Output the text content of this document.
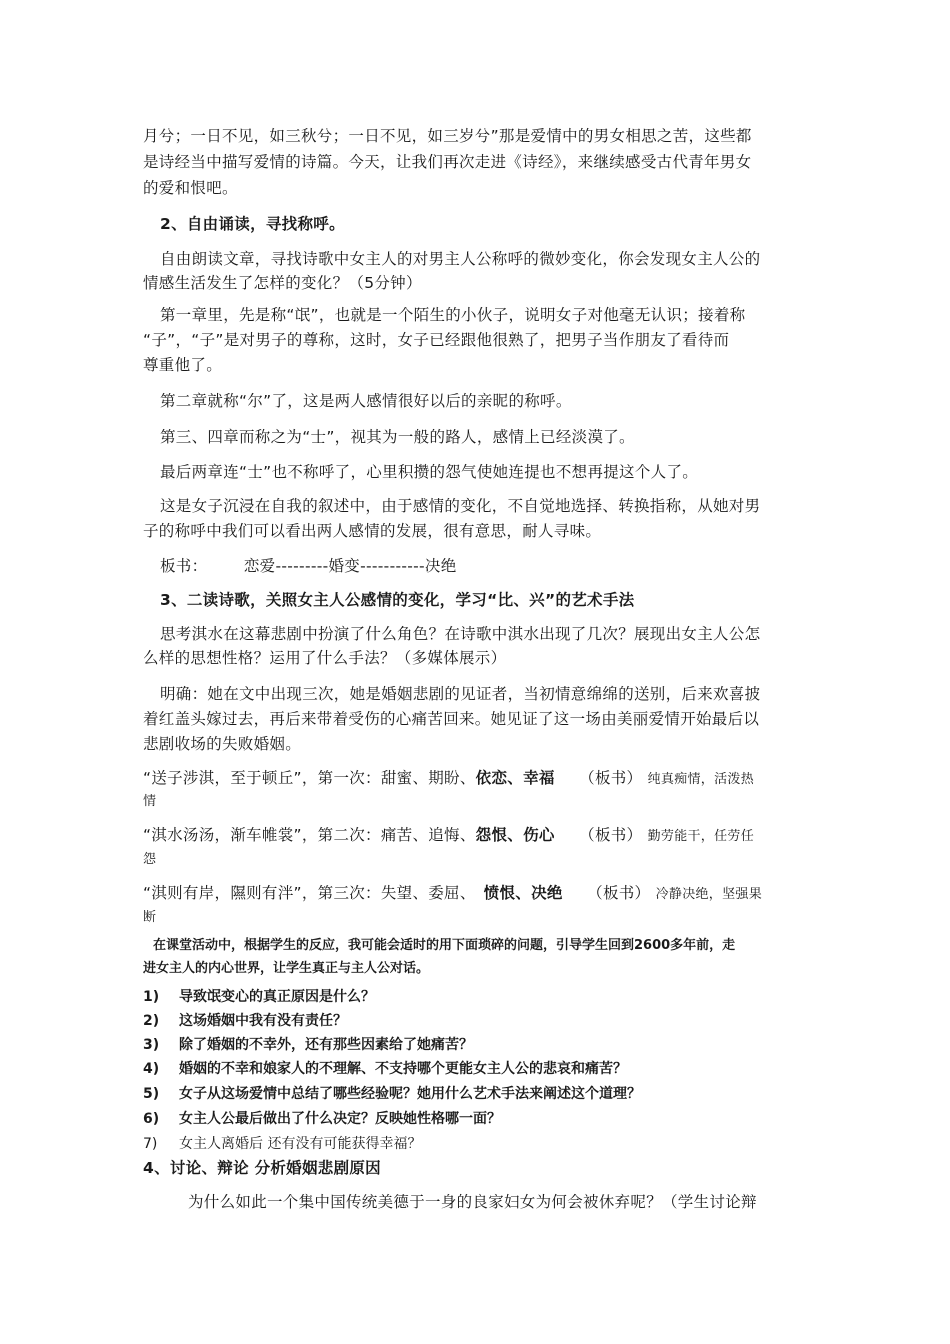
月兮；一日不见，如三秋兮；一日不见，如三岁兮”那是爱情中的男女相思之苦，这些都
是诗经当中描写爱情的诗篇。今天，让我们再次走进《诗经》，来继续感受古代青年男女
的爱和恨吧。
2、自由诵读，寻找称呼。
自由朗读文章，寻找诗歌中女主人的对男主人公称呼的微妙变化，你会发现女主人公的
情感生活发生了怎样的变化？（5分钟）
第一章里，先是称“氓”，也就是一个陌生的小伙子，说明女子对他毫无认识；接着称
“子”，“子”是对男子的尊称，这时，女子已经跟他很熟了，把男子当作朋友了看待而
尊重他了。
第二章就称“尔”了，这是两人感情很好以后的亲昵的称呼。
第三、四章而称之为“士”，视其为一般的路人，感情上已经淡漠了。
最后两章连“士”也不称呼了，心里积攒的怨气使她连提也不想再提这个人了。
这是女子沉浸在自我的叙述中，由于感情的变化，不自觉地选择、转换指称，从她对男
子的称呼中我们可以看出两人感情的发展，很有意思，耐人寻味。
板书： 恋爱---------婚变-----------决绝
3、二读诗歌，关照女主人公感情的变化，学习“比、兴”的艺术手法
思考淇水在这幕悲剧中扮演了什么角色？在诗歌中淇水出现了几次？展现出女主人公怎
么样的思想性格？运用了什么手法？（多媒体展示）
明确：她在文中出现三次，她是婚姻悲剧的见证者，当初情意绵绵的送别，后来欢喜披
着红盖头嫁过去，再后来带着受伤的心痛苦回来。她见证了这一场由美丽爱情开始最后以
悲剧收场的失败婚姻。
“送子涉淇，至于顿丘”，第一次：甜蜜、期盼、依恋、幸福 （板书） 纯真痴情，活泼热
情
“淇水汤汤，渐车帷裳”，第二次：痛苦、追悔、怨恨、伤心 （板书） 勤劳能干，任劳任
怨
“淇则有岸，隰则有泮”，第三次：失望、委屈、 愤恨、决绝 （板书） 冷静决绝，坚强果
断
在课堂活动中，根据学生的反应，我可能会适时的用下面琐碎的问题，引导学生回到2600多年前，走
进女主人的内心世界，让学生真正与主人公对话。
1) 导致氓变心的真正原因是什么？
2) 这场婚姻中我有没有责任？
3) 除了婚姻的不幸外，还有那些因素给了她痛苦？
4) 婚姻的不幸和娘家人的不理解、不支持哪个更能女主人公的悲哀和痛苦？
5) 女子从这场爱情中总结了哪些经验呢？她用什么艺术手法来阐述这个道理？
6) 女主人公最后做出了什么决定？反映她性格哪一面？
7) 女主人离婚后 还有没有可能获得幸福？
4、讨论、辩论 分析婚姻悲剧原因
为什么如此一个集中国传统美德于一身的良家妇女为何会被休弃呢？（学生讨论辩
